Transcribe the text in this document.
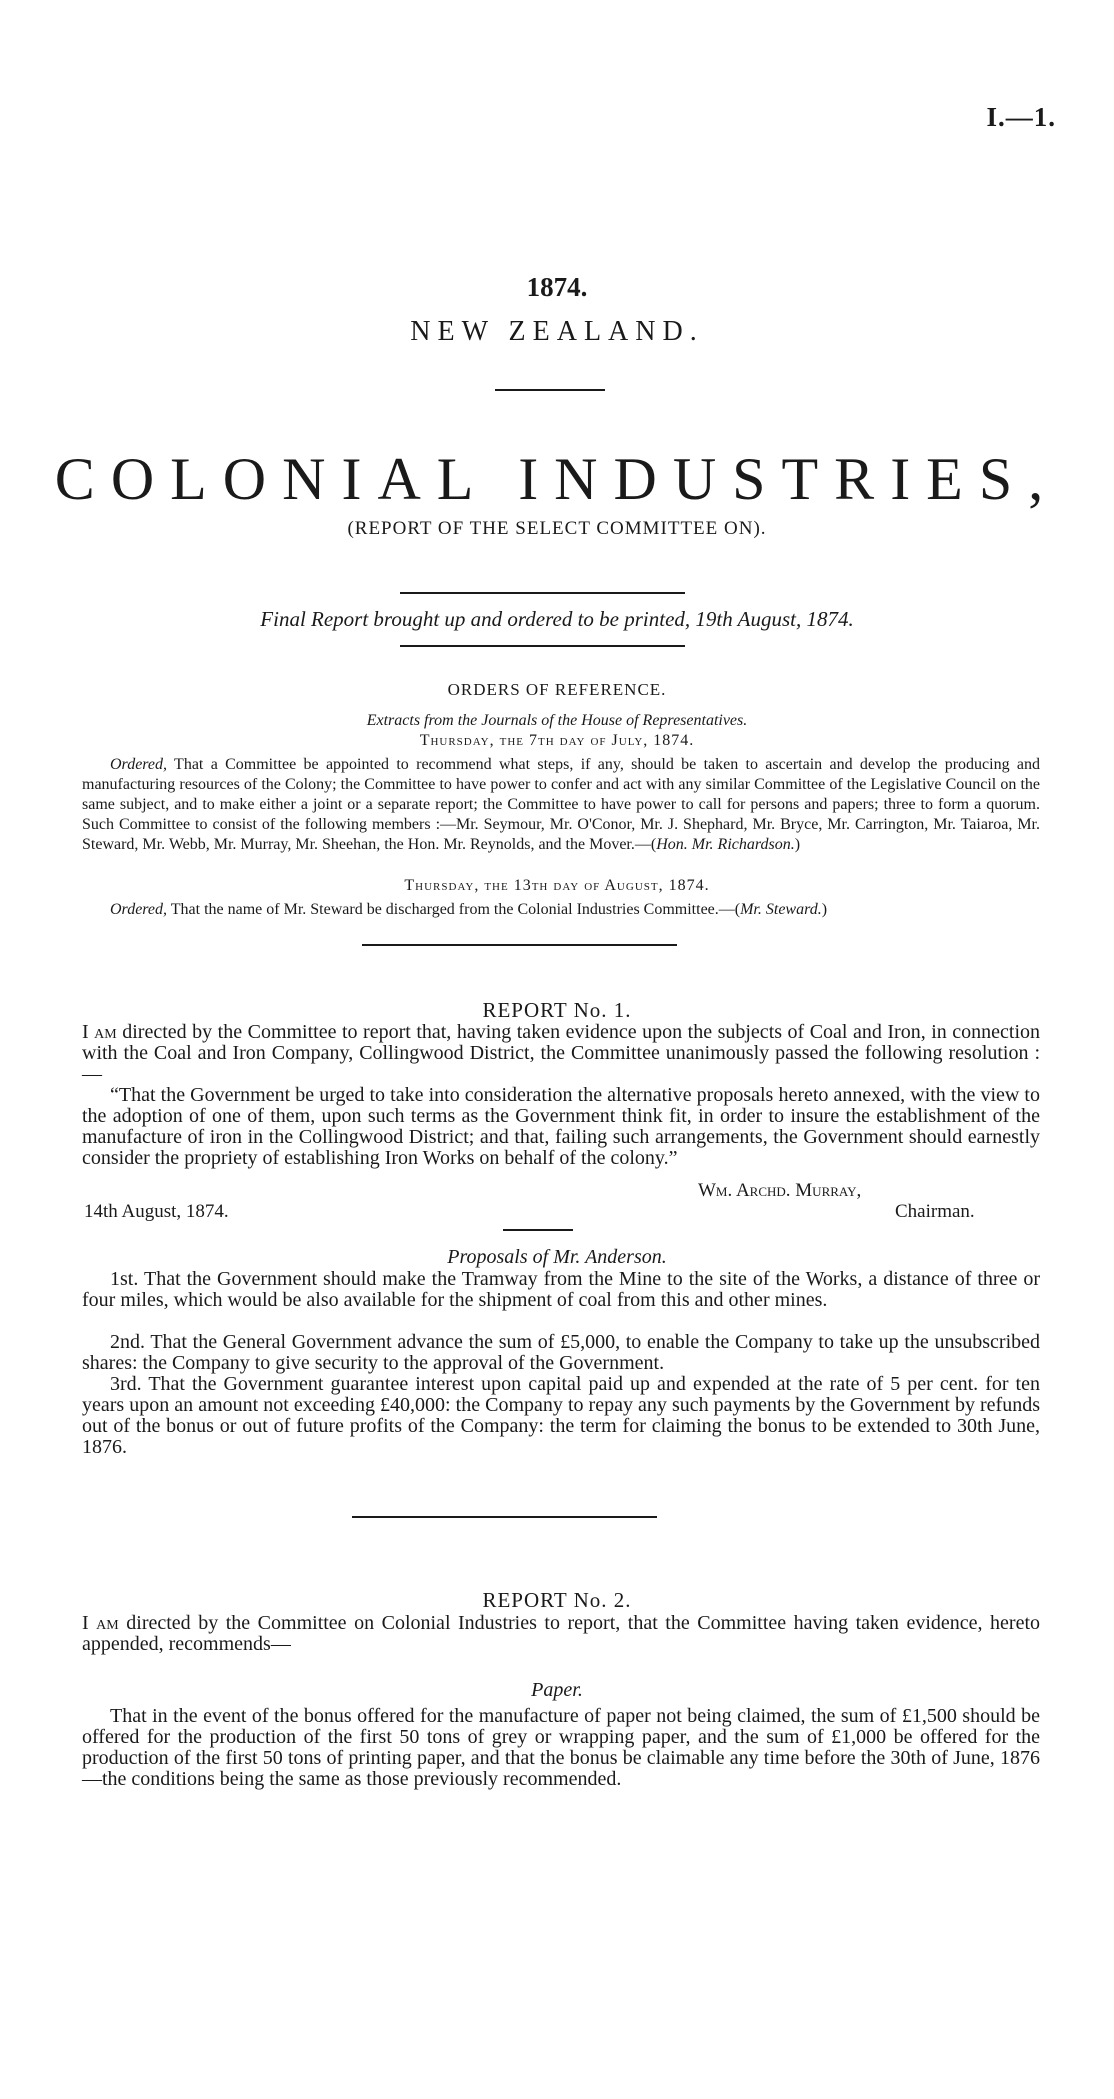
I.—1.
1874.
NEW ZEALAND.
COLONIAL INDUSTRIES,
(REPORT OF THE SELECT COMMITTEE ON).
Final Report brought up and ordered to be printed, 19th August, 1874.
ORDERS OF REFERENCE.
Extracts from the Journals of the House of Representatives.
Thursday, the 7th day of July, 1874.
Ordered, That a Committee be appointed to recommend what steps, if any, should be taken to ascertain and develop the producing and manufacturing resources of the Colony; the Committee to have power to confer and act with any similar Committee of the Legislative Council on the same subject, and to make either a joint or a separate report; the Committee to have power to call for persons and papers; three to form a quorum. Such Committee to consist of the following members :—Mr. Seymour, Mr. O'Conor, Mr. J. Shephard, Mr. Bryce, Mr. Carrington, Mr. Taiaroa, Mr. Steward, Mr. Webb, Mr. Murray, Mr. Sheehan, the Hon. Mr. Reynolds, and the Mover.—(Hon. Mr. Richardson.)
Thursday, the 13th day of August, 1874.
Ordered, That the name of Mr. Steward be discharged from the Colonial Industries Committee.—(Mr. Steward.)
REPORT No. 1.
I am directed by the Committee to report that, having taken evidence upon the subjects of Coal and Iron, in connection with the Coal and Iron Company, Collingwood District, the Committee unanimously passed the following resolution :—
“That the Government be urged to take into consideration the alternative proposals hereto annexed, with the view to the adoption of one of them, upon such terms as the Government think fit, in order to insure the establishment of the manufacture of iron in the Collingwood District; and that, failing such arrangements, the Government should earnestly consider the propriety of establishing Iron Works on behalf of the colony.”
Wm. Archd. Murray,
14th August, 1874.	Chairman.
Proposals of Mr. Anderson.
1st. That the Government should make the Tramway from the Mine to the site of the Works, a distance of three or four miles, which would be also available for the shipment of coal from this and other mines.
2nd. That the General Government advance the sum of £5,000, to enable the Company to take up the unsubscribed shares: the Company to give security to the approval of the Government.
3rd. That the Government guarantee interest upon capital paid up and expended at the rate of 5 per cent. for ten years upon an amount not exceeding £40,000: the Company to repay any such payments by the Government by refunds out of the bonus or out of future profits of the Company: the term for claiming the bonus to be extended to 30th June, 1876.
REPORT No. 2.
I am directed by the Committee on Colonial Industries to report, that the Committee having taken evidence, hereto appended, recommends—
Paper.
That in the event of the bonus offered for the manufacture of paper not being claimed, the sum of £1,500 should be offered for the production of the first 50 tons of grey or wrapping paper, and the sum of £1,000 be offered for the production of the first 50 tons of printing paper, and that the bonus be claimable any time before the 30th of June, 1876—the conditions being the same as those previously recommended.
